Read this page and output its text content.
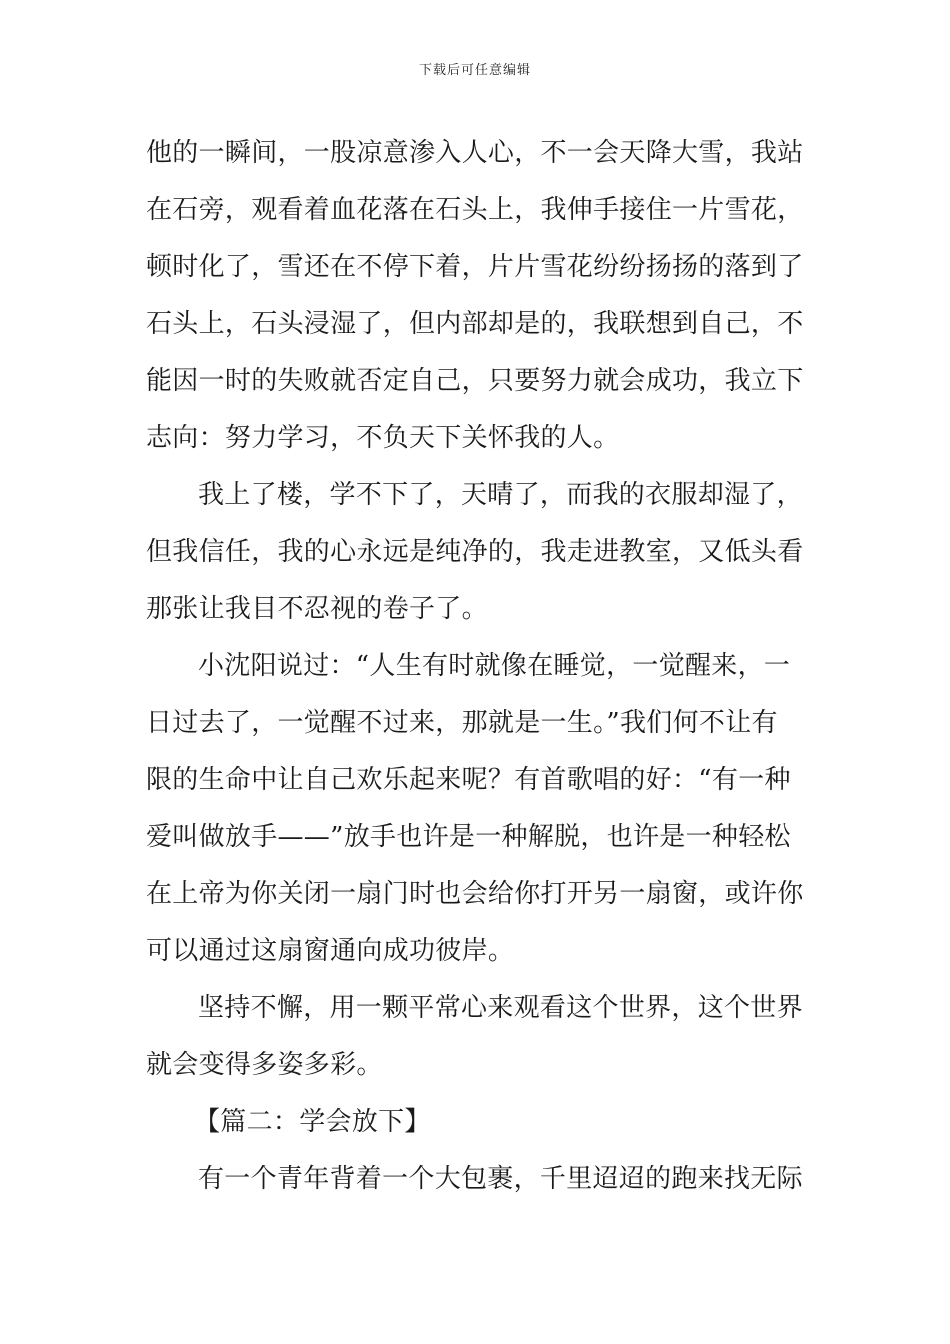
下载后可任意编辑
他的一瞬间，一股凉意渗入人心，不一会天降大雪，我站
在石旁，观看着血花落在石头上，我伸手接住一片雪花，
顿时化了，雪还在不停下着，片片雪花纷纷扬扬的落到了
石头上，石头浸湿了，但内部却是的，我联想到自己，不
能因一时的失败就否定自己，只要努力就会成功，我立下
志向：努力学习，不负天下关怀我的人。
我上了楼，学不下了，天晴了，而我的衣服却湿了，
但我信任，我的心永远是纯净的，我走进教室，又低头看
那张让我目不忍视的卷子了。
小沈阳说过：“人生有时就像在睡觉，一觉醒来，一
日过去了，一觉醒不过来，那就是一生。”我们何不让有
限的生命中让自己欢乐起来呢？有首歌唱的好：“有一种
爱叫做放手——”放手也许是一种解脱，也许是一种轻松
在上帝为你关闭一扇门时也会给你打开另一扇窗，或许你
可以通过这扇窗通向成功彼岸。
坚持不懈，用一颗平常心来观看这个世界，这个世界
就会变得多姿多彩。
【篇二：学会放下】
有一个青年背着一个大包裹，千里迢迢的跑来找无际
